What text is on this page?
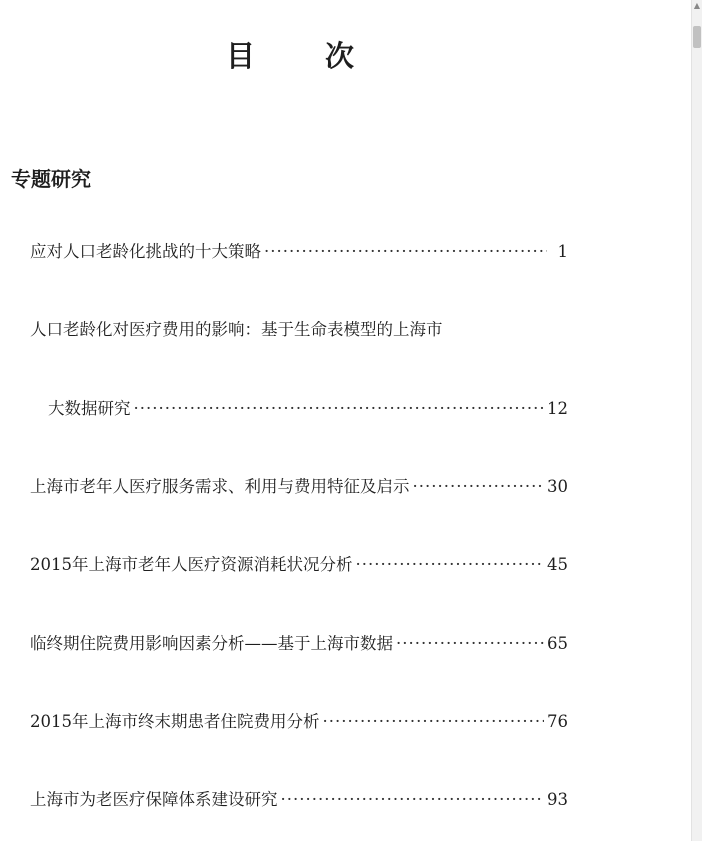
目 次
专题研究
应对人口老龄化挑战的十大策略 ·····	1
人口老龄化对医疗费用的影响：基于生命表模型的上海市
大数据研究 ·····	12
上海市老年人医疗服务需求、利用与费用特征及启示 ·····	30
2015年上海市老年人医疗资源消耗状况分析 ·····	45
临终期住院费用影响因素分析——基于上海市数据 ·····	65
2015年上海市终末期患者住院费用分析 ·····	76
上海市为老医疗保障体系建设研究 ·····	93
▲
